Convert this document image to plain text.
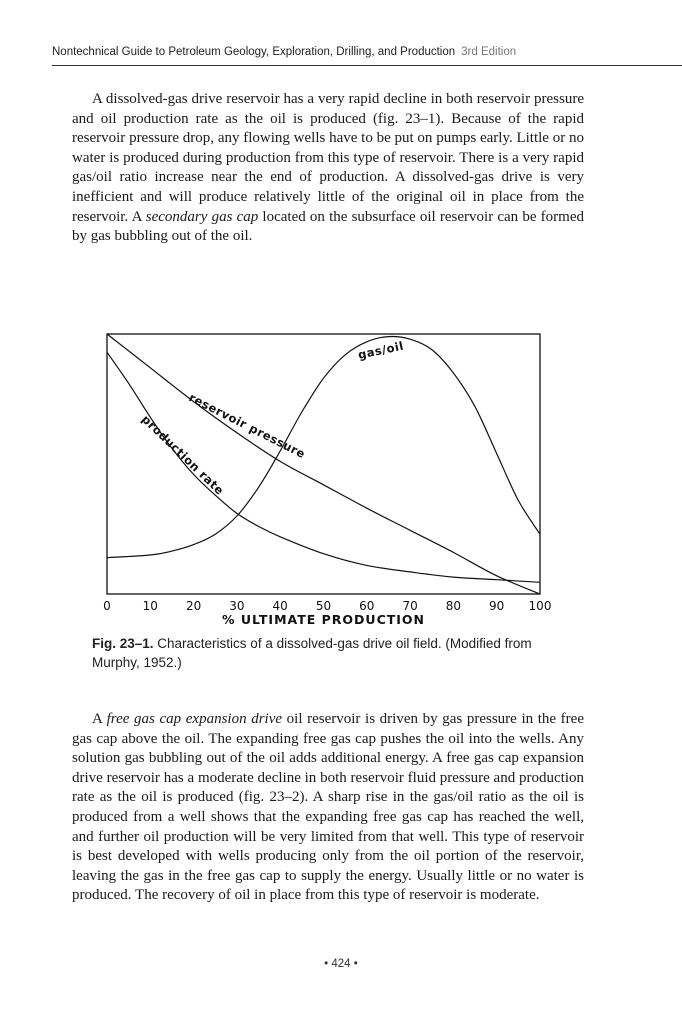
Nontechnical Guide to Petroleum Geology, Exploration, Drilling, and Production 3rd Edition

A dissolved-gas drive reservoir has a very rapid decline in both reservoir pressure and oil production rate as the oil is produced (fig. 23–1). Because of the rapid reservoir pressure drop, any flowing wells have to be put on pumps early. Little or no water is produced during production from this type of reservoir. There is a very rapid gas/oil ratio increase near the end of production. A dissolved-gas drive is very inefficient and will produce relatively little of the original oil in place from the reservoir. A secondary gas cap located on the subsurface oil reservoir can be formed by gas bubbling out of the oil.

0	10 20 30 40 50 60 70 80 90 100
gas/oil
reservoir pressure
production rate
% ULTIMATE PRODUCTION

Fig. 23–1. Characteristics of a dissolved-gas drive oil field. (Modified from Murphy, 1952.)

A free gas cap expansion drive oil reservoir is driven by gas pressure in the free gas cap above the oil. The expanding free gas cap pushes the oil into the wells. Any solution gas bubbling out of the oil adds additional energy. A free gas cap expansion drive reservoir has a moderate decline in both reservoir fluid pressure and production rate as the oil is produced (fig. 23–2). A sharp rise in the gas/oil ratio as the oil is produced from a well shows that the expanding free gas cap has reached the well, and further oil production will be very limited from that well. This type of reservoir is best developed with wells producing only from the oil portion of the reservoir, leaving the gas in the free gas cap to supply the energy. Usually little or no water is produced. The recovery of oil in place from this type of reservoir is moderate.

• 424 •
